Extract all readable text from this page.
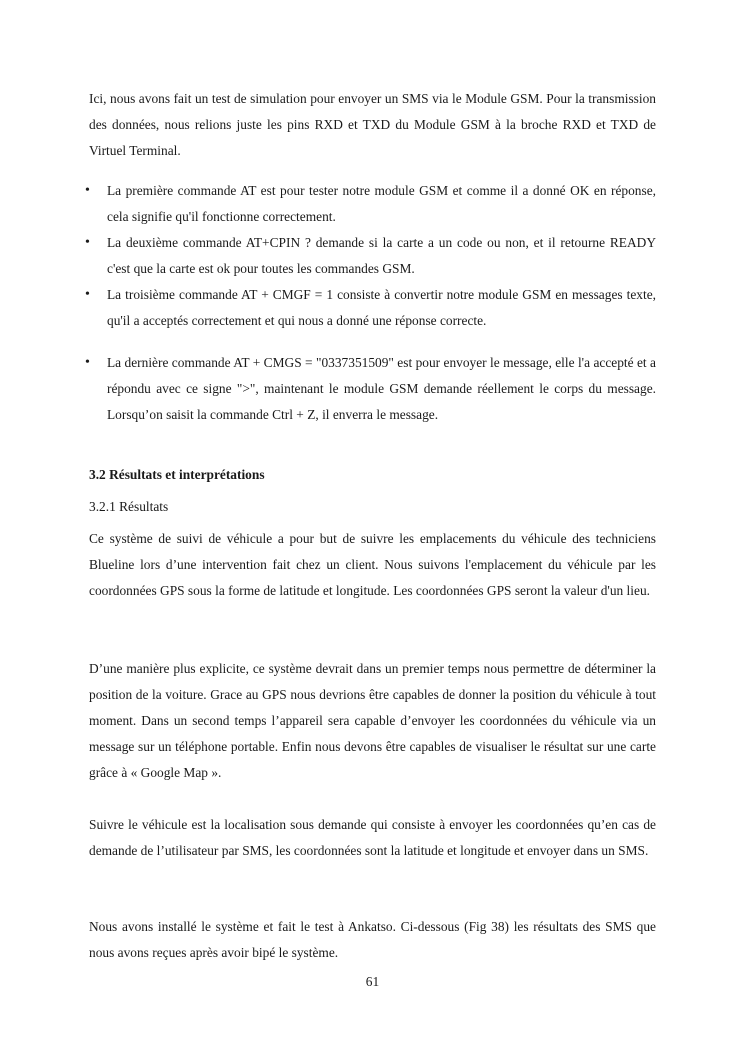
Ici, nous avons fait un test de simulation pour envoyer un SMS via le Module GSM. Pour la transmission des données, nous relions juste les pins RXD et TXD du Module GSM à la broche RXD et TXD de Virtuel Terminal.

• La première commande AT est pour tester notre module GSM et comme il a donné OK en réponse, cela signifie qu'il fonctionne correctement.
• La deuxième commande AT+CPIN ? demande si la carte a un code ou non, et il retourne READY c'est que la carte est ok pour toutes les commandes GSM.
• La troisième commande AT + CMGF = 1 consiste à convertir notre module GSM en messages texte, qu'il a acceptés correctement et qui nous a donné une réponse correcte.
• La dernière commande AT + CMGS = "0337351509" est pour envoyer le message, elle l'a accepté et a répondu avec ce signe ">", maintenant le module GSM demande réellement le corps du message. Lorsqu’on saisit la commande Ctrl + Z, il enverra le message.

3.2 Résultats et interprétations

3.2.1 Résultats

Ce système de suivi de véhicule a pour but de suivre les emplacements du véhicule des techniciens Blueline lors d’une intervention fait chez un client. Nous suivons l'emplacement du véhicule par les coordonnées GPS sous la forme de latitude et longitude. Les coordonnées GPS seront la valeur d'un lieu.

D’une manière plus explicite, ce système devrait dans un premier temps nous permettre de déterminer la position de la voiture. Grace au GPS nous devrions être capables de donner la position du véhicule à tout moment. Dans un second temps l’appareil sera capable d’envoyer les coordonnées du véhicule via un message sur un téléphone portable. Enfin nous devons être capables de visualiser le résultat sur une carte grâce à « Google Map ».

Suivre le véhicule est la localisation sous demande qui consiste à envoyer les coordonnées qu’en cas de demande de l’utilisateur par SMS, les coordonnées sont la latitude et longitude et envoyer dans un SMS.

Nous avons installé le système et fait le test à Ankatso. Ci-dessous (Fig 38) les résultats des SMS que nous avons reçues après avoir bipé le système.

61
